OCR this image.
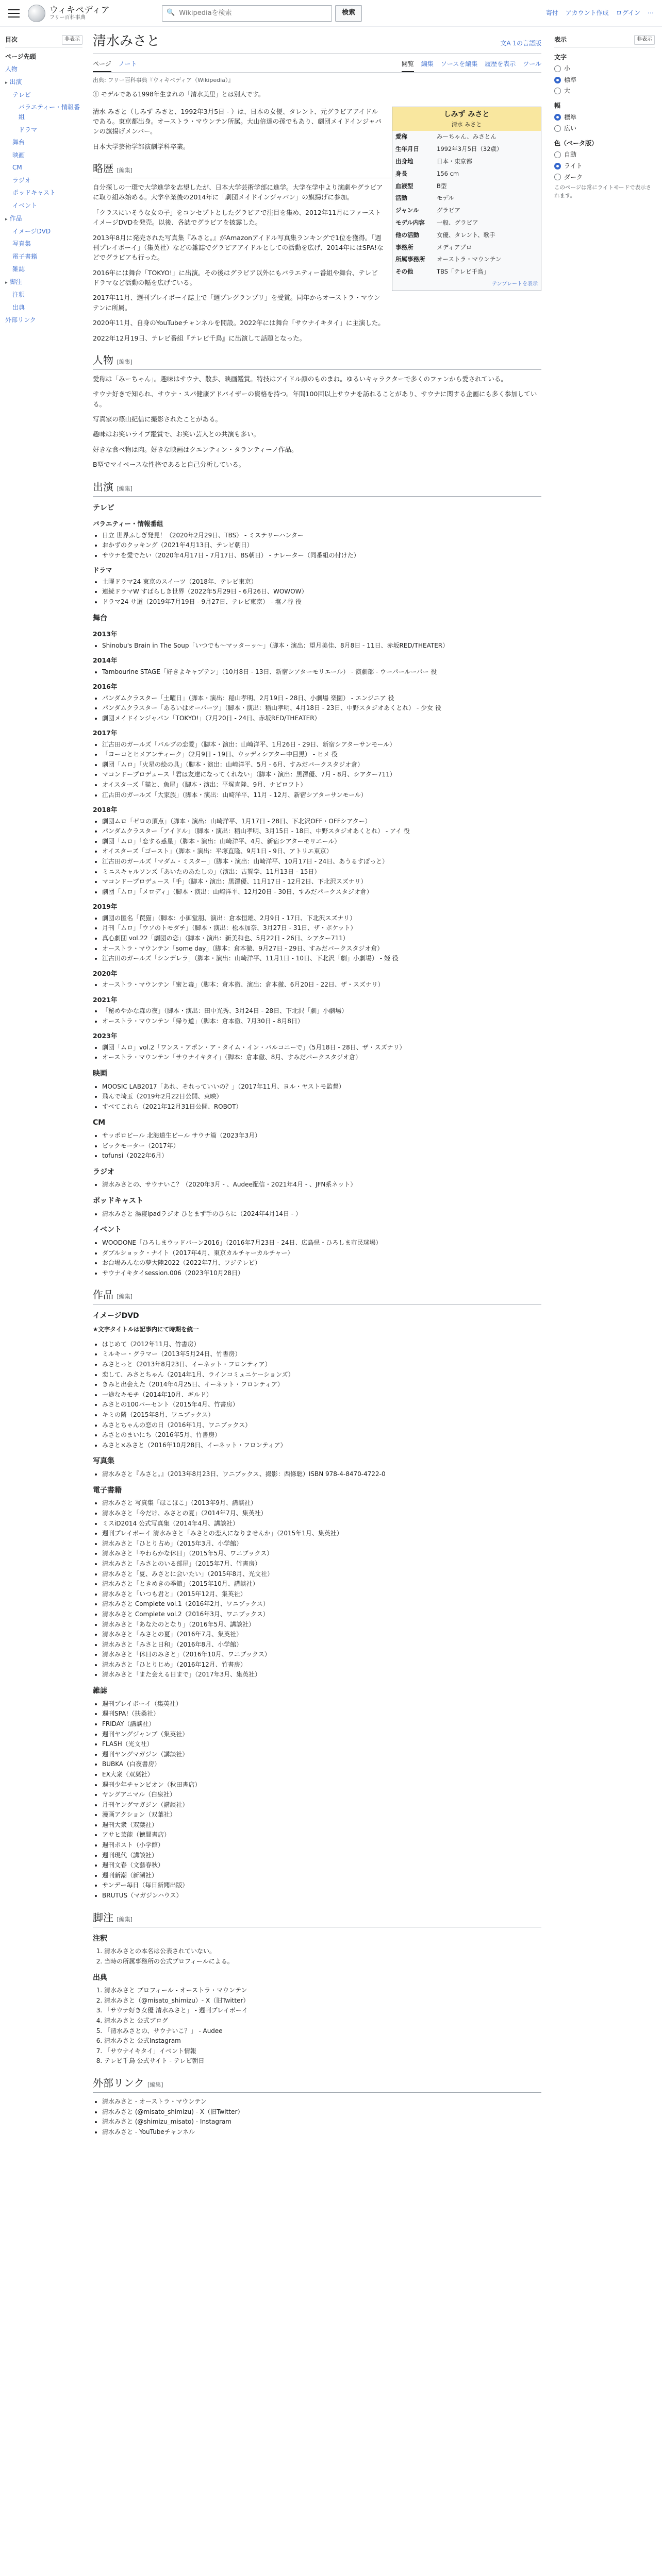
ウィキペディア
フリー百科事典
🔍
Wikipediaを検索	検索	寄付 アカウント作成 ログイン ⋯
目次	非表示
ページ先頭
人物
▸ 出演
テレビ
バラエティー・情報番組
ドラマ
舞台
映画
CM
ラジオ
ポッドキャスト
イベント
▸ 作品
イメージDVD
写真集
電子書籍
雑誌
▸ 脚注
注釈
出典
外部リンク
清水みさと	文A 1の言語版
ページ ノート	閲覧 編集 ソースを編集 履歴を表示 ツール
出典: フリー百科事典『ウィキペディア（Wikipedia）』
ⓘ モデルである1998年生まれの「清水美里」とは別人です。
しみず みさと
清水 みさと
愛称	みーちゃん、みさとん
生年月日	1992年3月5日（32歳）
出身地	日本・東京都
身長	156 cm
血液型	B型
活動	モデル
ジャンル	グラビア
モデル内容	一般、グラビア
他の活動	女優、タレント、歌手
事務所	メディアプロ
所属事務所	オーストラ・マウンテン
その他	TBS「テレビ千鳥」
テンプレートを表示

清水 みさと（しみず みさと、1992年3月5日 - ）は、日本の女優、タレント、元グラビアアイドルである。東京都出身。オーストラ・マウンテン所属。大山倍達の孫でもあり、劇団メイドインジャパンの旗揚げメンバー。

日本大学芸術学部演劇学科卒業。

略歴 [編集]

自分探しの一環で大学進学を志望したが、日本大学芸術学部に進学。大学在学中より演劇やグラビアに取り組み始める。大学卒業後の2014年に「劇団メイドインジャパン」の旗揚げに参加。

「クラスにいそうな女の子」をコンセプトとしたグラビアで注目を集め、2012年11月にファーストイメージDVDを発売。以後、各誌でグラビアを披露した。

2013年8月に発売された写真集『みさと。』がAmazonアイドル写真集ランキングで1位を獲得。「週刊プレイボーイ」（集英社）などの雑誌でグラビアアイドルとしての活動を広げ、2014年にはSPA!などでグラビアも行った。

2016年には舞台「TOKYO!」に出演。その後はグラビア以外にもバラエティー番組や舞台、テレビドラマなど活動の幅を広げている。

2017年11月、週刊プレイボーイ誌上で「週プレグランプリ」を受賞。同年からオーストラ・マウンテンに所属。

2020年11月、自身のYouTubeチャンネルを開設。2022年には舞台「サウナイキタイ」に主演した。

2022年12月19日、テレビ番組『テレビ千鳥』に出演して話題となった。

人物 [編集]

愛称は「みーちゃん」。趣味はサウナ、散歩、映画鑑賞。特技はアイドル顔のものまね。ゆるいキャラクターで多くのファンから愛されている。

サウナ好きで知られ、サウナ・スパ健康アドバイザーの資格を持つ。年間100回以上サウナを訪れることがあり、サウナに関する企画にも多く参加している。

写真家の篠山紀信に撮影されたことがある。

趣味はお笑いライブ鑑賞で、お笑い芸人との共演も多い。

好きな食べ物は肉。好きな映画はクエンティン・タランティーノ作品。

B型でマイペースな性格であると自己分析している。

出演 [編集]
テレビ
バラエティー・情報番組
• 日立 世界ふしぎ発見！（2020年2月29日、TBS） - ミステリーハンター
• おかずのクッキング（2021年4月13日、テレビ朝日）
• サウナを愛でたい（2020年4月17日 - 7月17日、BS朝日） - ナレーター（同番組の付けた）
ドラマ
• 土曜ドラマ24 東京のスイーツ（2018年、テレビ東京）
• 連続ドラマW すばらしき世界（2022年5月29日 - 6月26日、WOWOW）
• ドラマ24 サ道（2019年7月19日 - 9月27日、テレビ東京） - 塩ノ谷 役
舞台
2013年
• Shinobu's Brain in The Soup「いつでも～マッターッ～」（脚本・演出：望月美佳、8月8日 - 11日、赤坂RED/THEATER）
2014年
• Tambourine STAGE「好きよキャプテン」（10月8日 - 13日、新宿シアターモリエール） - 演劇部 - ウーパールーパー 役
2016年
• パンダムクラスター「土曜日」（脚本・演出：稲山孝明、2月19日 - 28日、小劇場 楽園） - エンジニア 役
• パンダムクラスター「あるいはオーパーツ」（脚本・演出：稲山孝明、4月18日 - 23日、中野スタジオあくとれ） - 少女 役
• 劇団メイドインジャパン「TOKYO!」（7月20日 - 24日、赤坂RED/THEATER）
2017年
• 江古田のガールズ「バルブの恋愛」（脚本・演出：山崎洋平、1月26日 - 29日、新宿シアターサンモール）
• 「ヨーコとヒメアンティーク」（2月9日 - 19日、ウッディシアター中目黒） - ヒメ 役
• 劇団「ムロ」「火星の絵の具」（脚本・演出：山崎洋平、5月 - 6月、すみだパークスタジオ倉）
• マコンドープロデュース「君は友達になってくれない」（脚本・演出：黒澤優、7月 - 8月、シアター711）
• オイスターズ「猫と、魚屋」（脚本・演出：平塚直隆、9月、ナビロフト）
• 江古田のガールズ「大家族」（脚本・演出：山崎洋平、11月 - 12月、新宿シアターサンモール）
2018年
• 劇団ムロ「ゼロの頂点」（脚本・演出：山崎洋平、1月17日 - 28日、下北沢OFF・OFFシアター）
• パンダムクラスター「アイドル」（脚本・演出：稲山孝明、3月15日 - 18日、中野スタジオあくとれ） - アイ 役
• 劇団「ムロ」「恋する惑星」（脚本・演出：山崎洋平、4月、新宿シアターモリエール）
• オイスターズ「ゴースト」（脚本・演出：平塚直隆、9月1日 - 9日、アトリエ東京）
• 江古田のガールズ「マダム・ミスター」（脚本・演出：山崎洋平、10月17日 - 24日、あうるすぽっと）
• ミニスキャルソンズ「あいたのあたしの」（演出：古賀学、11月13日 - 15日）
• マコンドープロデュース「手」（脚本・演出：黒澤優、11月17日 - 12月2日、下北沢スズナリ）
• 劇団「ムロ」「メロディ」（脚本・演出：山崎洋平、12月20日 - 30日、すみだパークスタジオ倉）
2019年
• 劇団の匿名「罠猫」（脚本：小御堂朋、演出：倉本恒雄、2月9日 - 17日、下北沢スズナリ）
• 月刊「ムロ」「ウソのトモダチ」（脚本・演出：松本加奈、3月27日 - 31日、ザ・ポケット）
• 真心劇団 vol.22「劇団の恋」（脚本・演出：新美和也、5月22日 - 26日、シアター711）
• オーストラ・マウンテン「some day」（脚本：倉本徹、9月27日 - 29日、すみだパークスタジオ倉）
• 江古田のガールズ「シンデレラ」（脚本・演出：山崎洋平、11月1日 - 10日、下北沢「劇」小劇場） - 姫 役
2020年
• オーストラ・マウンテン「蜜と毒」（脚本：倉本徹、演出：倉本徹、6月20日 - 22日、ザ・スズナリ）
2021年
• 「秘めやかな森の夜」（脚本・演出：田中光秀、3月24日 - 28日、下北沢「劇」小劇場）
• オーストラ・マウンテン「帰り道」（脚本：倉本徹、7月30日 - 8月8日）
2023年
• 劇団「ムロ」vol.2「ワンス・アポン・ア・タイム・イン・バルコニーで」（5月18日 - 28日、ザ・スズナリ）
• オーストラ・マウンテン「サウナイキタイ」（脚本：倉本徹、8月、すみだパークスタジオ倉）
映画
• MOOSIC LAB2017「あれ、それっていいの？」（2017年11月、ヨル・ヤストモ監督）
• 飛んで埼玉（2019年2月22日公開、東映）
• すべてこれら（2021年12月31日公開、ROBOT）
CM
• サッポロビール 北海道生ビール サウナ篇（2023年3月）
• ビックモーター（2017年）
• tofunsi（2022年6月）
ラジオ
• 清水みさとの、サウナいこ？（2020年3月 - 、Audee配信・2021年4月 - 、JFN系ネット）
ポッドキャスト
• 清水みさと 湯寝ipadラジオ ひとまず手のひらに（2024年4月14日 - ）
イベント
• WOODONE「ひろしまウッドバーン2016」（2016年7月23日 - 24日、広島県・ひろしま市民球場）
• ダブルショック・ナイト（2017年4月、東京カルチャーカルチャー）
• お台場みんなの夢大陸2022（2022年7月、フジテレビ）
• サウナイキタイsession.006（2023年10月28日）
作品 [編集]
イメージDVD

★文字タイトルは記事内にて時期を統一

• はじめて（2012年11月、竹書房）
• ミルキー・グラマー（2013年5月24日、竹書房）
• みさとっと（2013年8月23日、イーネット・フロンティア）
• 恋して、みさとちゃん（2014年1月、ラインコミュニケーションズ）
• きみと出会えた（2014年4月25日、イーネット・フロンティア）
• 一途なキモチ（2014年10月、ギルド）
• みさとの100パーセント（2015年4月、竹書房）
• キミの隣（2015年8月、ワニブックス）
• みさとちゃんの恋の日（2016年1月、ワニブックス）
• みさとのまいにち（2016年5月、竹書房）
• みさと×みさと（2016年10月28日、イーネット・フロンティア）
写真集
• 清水みさと『みさと。』（2013年8月23日、ワニブックス、撮影：西條聡）ISBN 978-4-8470-4722-0
電子書籍
• 清水みさと 写真集「ほこほこ」（2013年9月、講談社）
• 清水みさと「今だけ、みさとの夏」（2014年7月、集英社）
• ミスiD2014 公式写真集（2014年4月、講談社）
• 週刊プレイボーイ 清水みさと「みさとの恋人になりませんか」（2015年1月、集英社）
• 清水みさと「ひとり占め」（2015年3月、小学館）
• 清水みさと「やわらかな休日」（2015年5月、ワニブックス）
• 清水みさと「みさとのいる部屋」（2015年7月、竹書房）
• 清水みさと「夏、みさとに会いたい」（2015年8月、光文社）
• 清水みさと「ときめきの季節」（2015年10月、講談社）
• 清水みさと「いつも君と」（2015年12月、集英社）
• 清水みさと Complete vol.1（2016年2月、ワニブックス）
• 清水みさと Complete vol.2（2016年3月、ワニブックス）
• 清水みさと「あなたのとなり」（2016年5月、講談社）
• 清水みさと「みさとの夏」（2016年7月、集英社）
• 清水みさと「みさと日和」（2016年8月、小学館）
• 清水みさと「休日のみさと」（2016年10月、ワニブックス）
• 清水みさと「ひとりじめ」（2016年12月、竹書房）
• 清水みさと「また会える日まで」（2017年3月、集英社）
雑誌
• 週刊プレイボーイ（集英社）
• 週刊SPA!（扶桑社）
• FRIDAY（講談社）
• 週刊ヤングジャンプ（集英社）
• FLASH（光文社）
• 週刊ヤングマガジン（講談社）
• BUBKA（白夜書房）
• EX大衆（双葉社）
• 週刊少年チャンピオン（秋田書店）
• ヤングアニマル（白泉社）
• 月刊ヤングマガジン（講談社）
• 漫画アクション（双葉社）
• 週刊大衆（双葉社）
• アサヒ芸能（徳間書店）
• 週刊ポスト（小学館）
• 週刊現代（講談社）
• 週刊文春（文藝春秋）
• 週刊新潮（新潮社）
• サンデー毎日（毎日新聞出版）
• BRUTUS（マガジンハウス）
脚注 [編集]
注釈
1. 清水みさとの本名は公表されていない。
2. 当時の所属事務所の公式プロフィールによる。
出典
1. 清水みさと プロフィール - オーストラ・マウンテン
2. 清水みさと（@misato_shimizu）- X（旧Twitter）
3. 「サウナ好き女優 清水みさと」 - 週刊プレイボーイ
4. 清水みさと 公式ブログ
5. 「清水みさとの、サウナいこ？」 - Audee
6. 清水みさと 公式Instagram
7. 「サウナイキタイ」イベント情報
8. テレビ千鳥 公式サイト - テレビ朝日
外部リンク [編集]
• 清水みさと - オーストラ・マウンテン
• 清水みさと (@misato_shimizu) - X（旧Twitter）
• 清水みさと (@shimizu_misato) - Instagram
• 清水みさと - YouTubeチャンネル
表示	非表示
文字
小
標準
大
幅
標準
広い
色（ベータ版）
自動
ライト
ダーク
このページは常にライトモードで表示されます。
